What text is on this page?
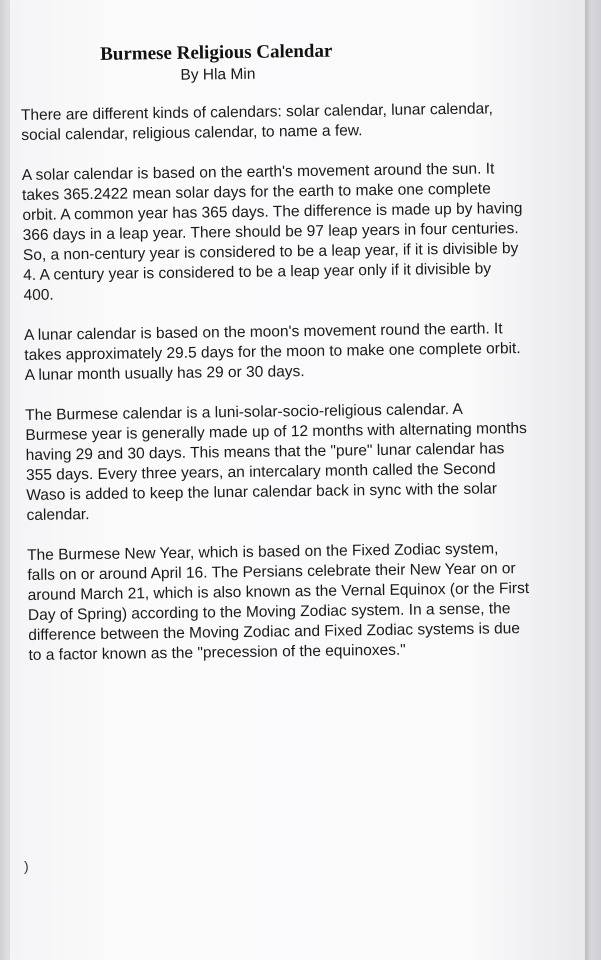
Burmese Religious Calendar
By Hla Min
There are different kinds of calendars: solar calendar, lunar calendar,
social calendar, religious calendar, to name a few.
A solar calendar is based on the earth's movement around the sun. It
takes 365.2422 mean solar days for the earth to make one complete
orbit. A common year has 365 days. The difference is made up by having
366 days in a leap year. There should be 97 leap years in four centuries.
So, a non-century year is considered to be a leap year, if it is divisible by
4. A century year is considered to be a leap year only if it divisible by
400.
A lunar calendar is based on the moon's movement round the earth. It
takes approximately 29.5 days for the moon to make one complete orbit.
A lunar month usually has 29 or 30 days.
The Burmese calendar is a luni-solar-socio-religious calendar. A
Burmese year is generally made up of 12 months with alternating months
having 29 and 30 days. This means that the "pure" lunar calendar has
355 days. Every three years, an intercalary month called the Second
Waso is added to keep the lunar calendar back in sync with the solar
calendar.
The Burmese New Year, which is based on the Fixed Zodiac system,
falls on or around April 16. The Persians celebrate their New Year on or
around March 21, which is also known as the Vernal Equinox (or the First
Day of Spring) according to the Moving Zodiac system. In a sense, the
difference between the Moving Zodiac and Fixed Zodiac systems is due
to a factor known as the "precession of the equinoxes."
)
